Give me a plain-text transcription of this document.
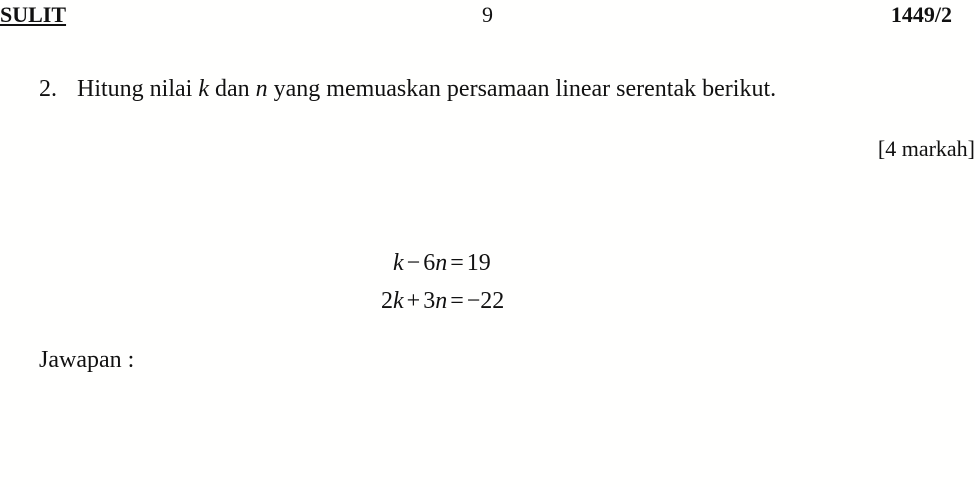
SULIT	9	1449/2
2. Hitung nilai k dan n yang memuaskan persamaan linear serentak berikut.
[4 markah]
k − 6n = 19
2k + 3n = −22
Jawapan :
